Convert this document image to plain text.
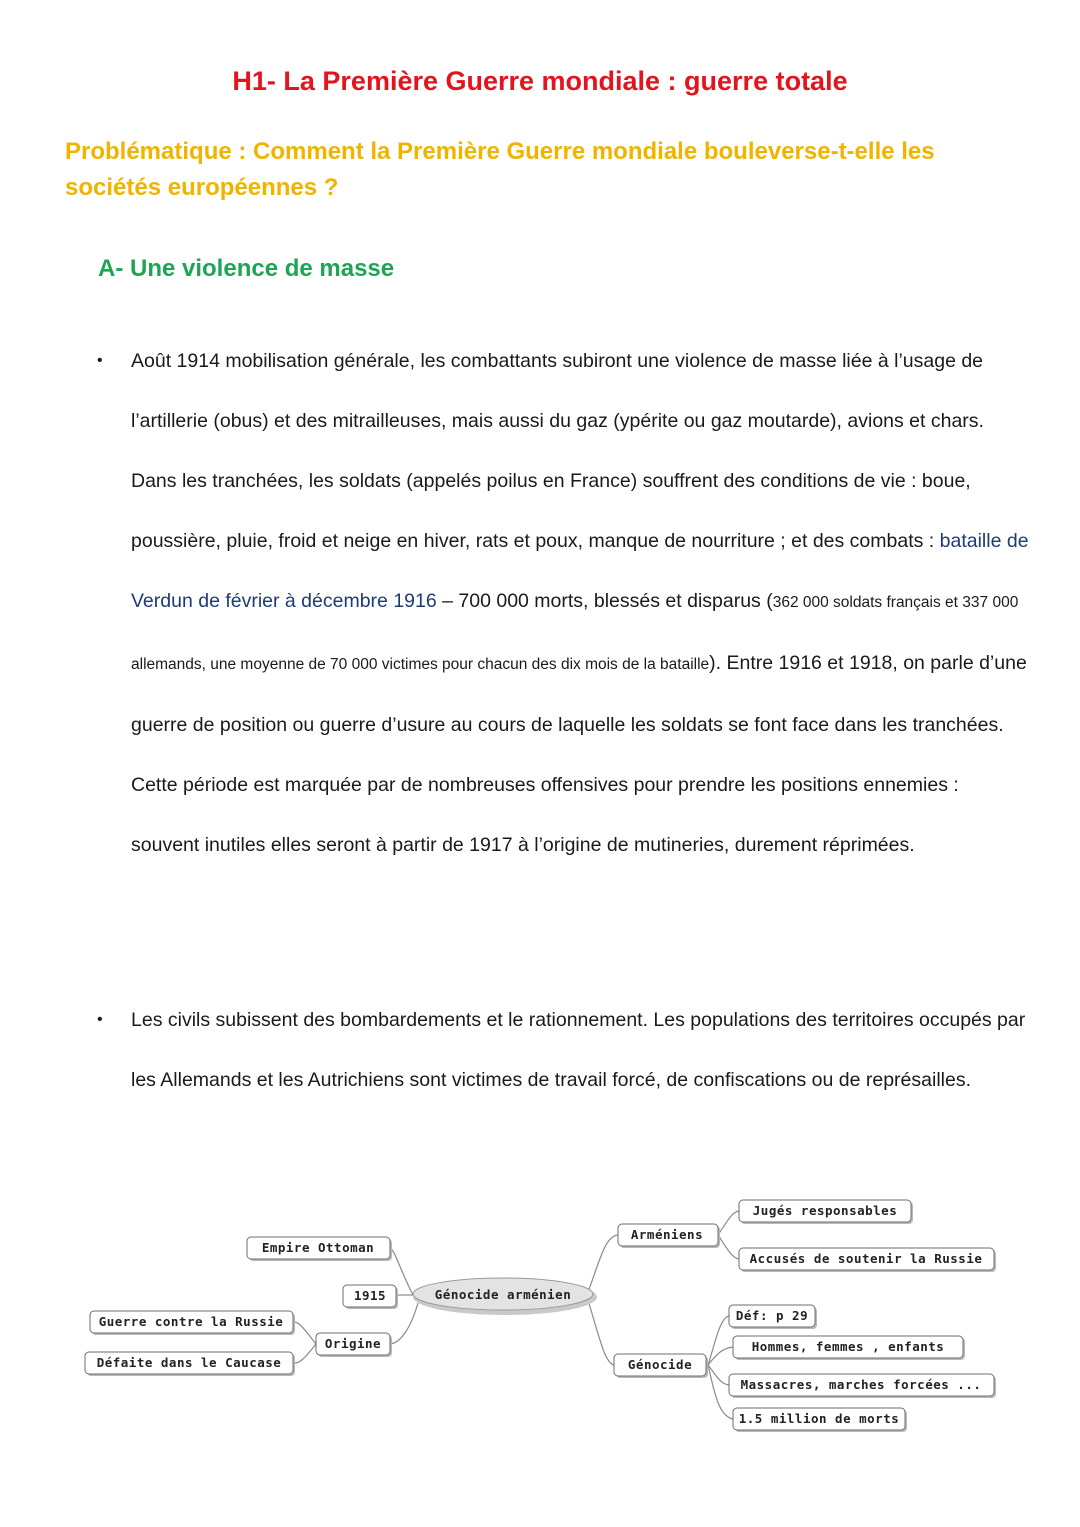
H1- La Première Guerre mondiale : guerre totale
Problématique : Comment la Première Guerre mondiale bouleverse-t-elle les sociétés européennes ?
A- Une violence de masse
• Août 1914 mobilisation générale, les combattants subiront une violence de masse liée à l’usage de l’artillerie (obus) et des mitrailleuses, mais aussi du gaz (ypérite ou gaz moutarde), avions et chars. Dans les tranchées, les soldats (appelés poilus en France) souffrent des conditions de vie : boue, poussière, pluie, froid et neige en hiver, rats et poux, manque de nourriture ; et des combats : bataille de Verdun de février à décembre 1916 – 700 000 morts, blessés et disparus (362 000 soldats français et 337 000 allemands, une moyenne de 70 000 victimes pour chacun des dix mois de la bataille). Entre 1916 et 1918, on parle d’une guerre de position ou guerre d’usure au cours de laquelle les soldats se font face dans les tranchées. Cette période est marquée par de nombreuses offensives pour prendre les positions ennemies : souvent inutiles elles seront à partir de 1917 à l’origine de mutineries, durement réprimées.
• Les civils subissent des bombardements et le rationnement. Les populations des territoires occupés par les Allemands et les Autrichiens sont victimes de travail forcé, de confiscations ou de représailles.
Génocide arménien
Empire Ottoman
1915
Origine
Guerre contre la Russie
Défaite dans le Caucase
Arméniens
Jugés responsables
Accusés de soutenir la Russie
Génocide
Déf: p 29
Hommes, femmes , enfants
Massacres, marches forcées ...
1.5 million de morts
